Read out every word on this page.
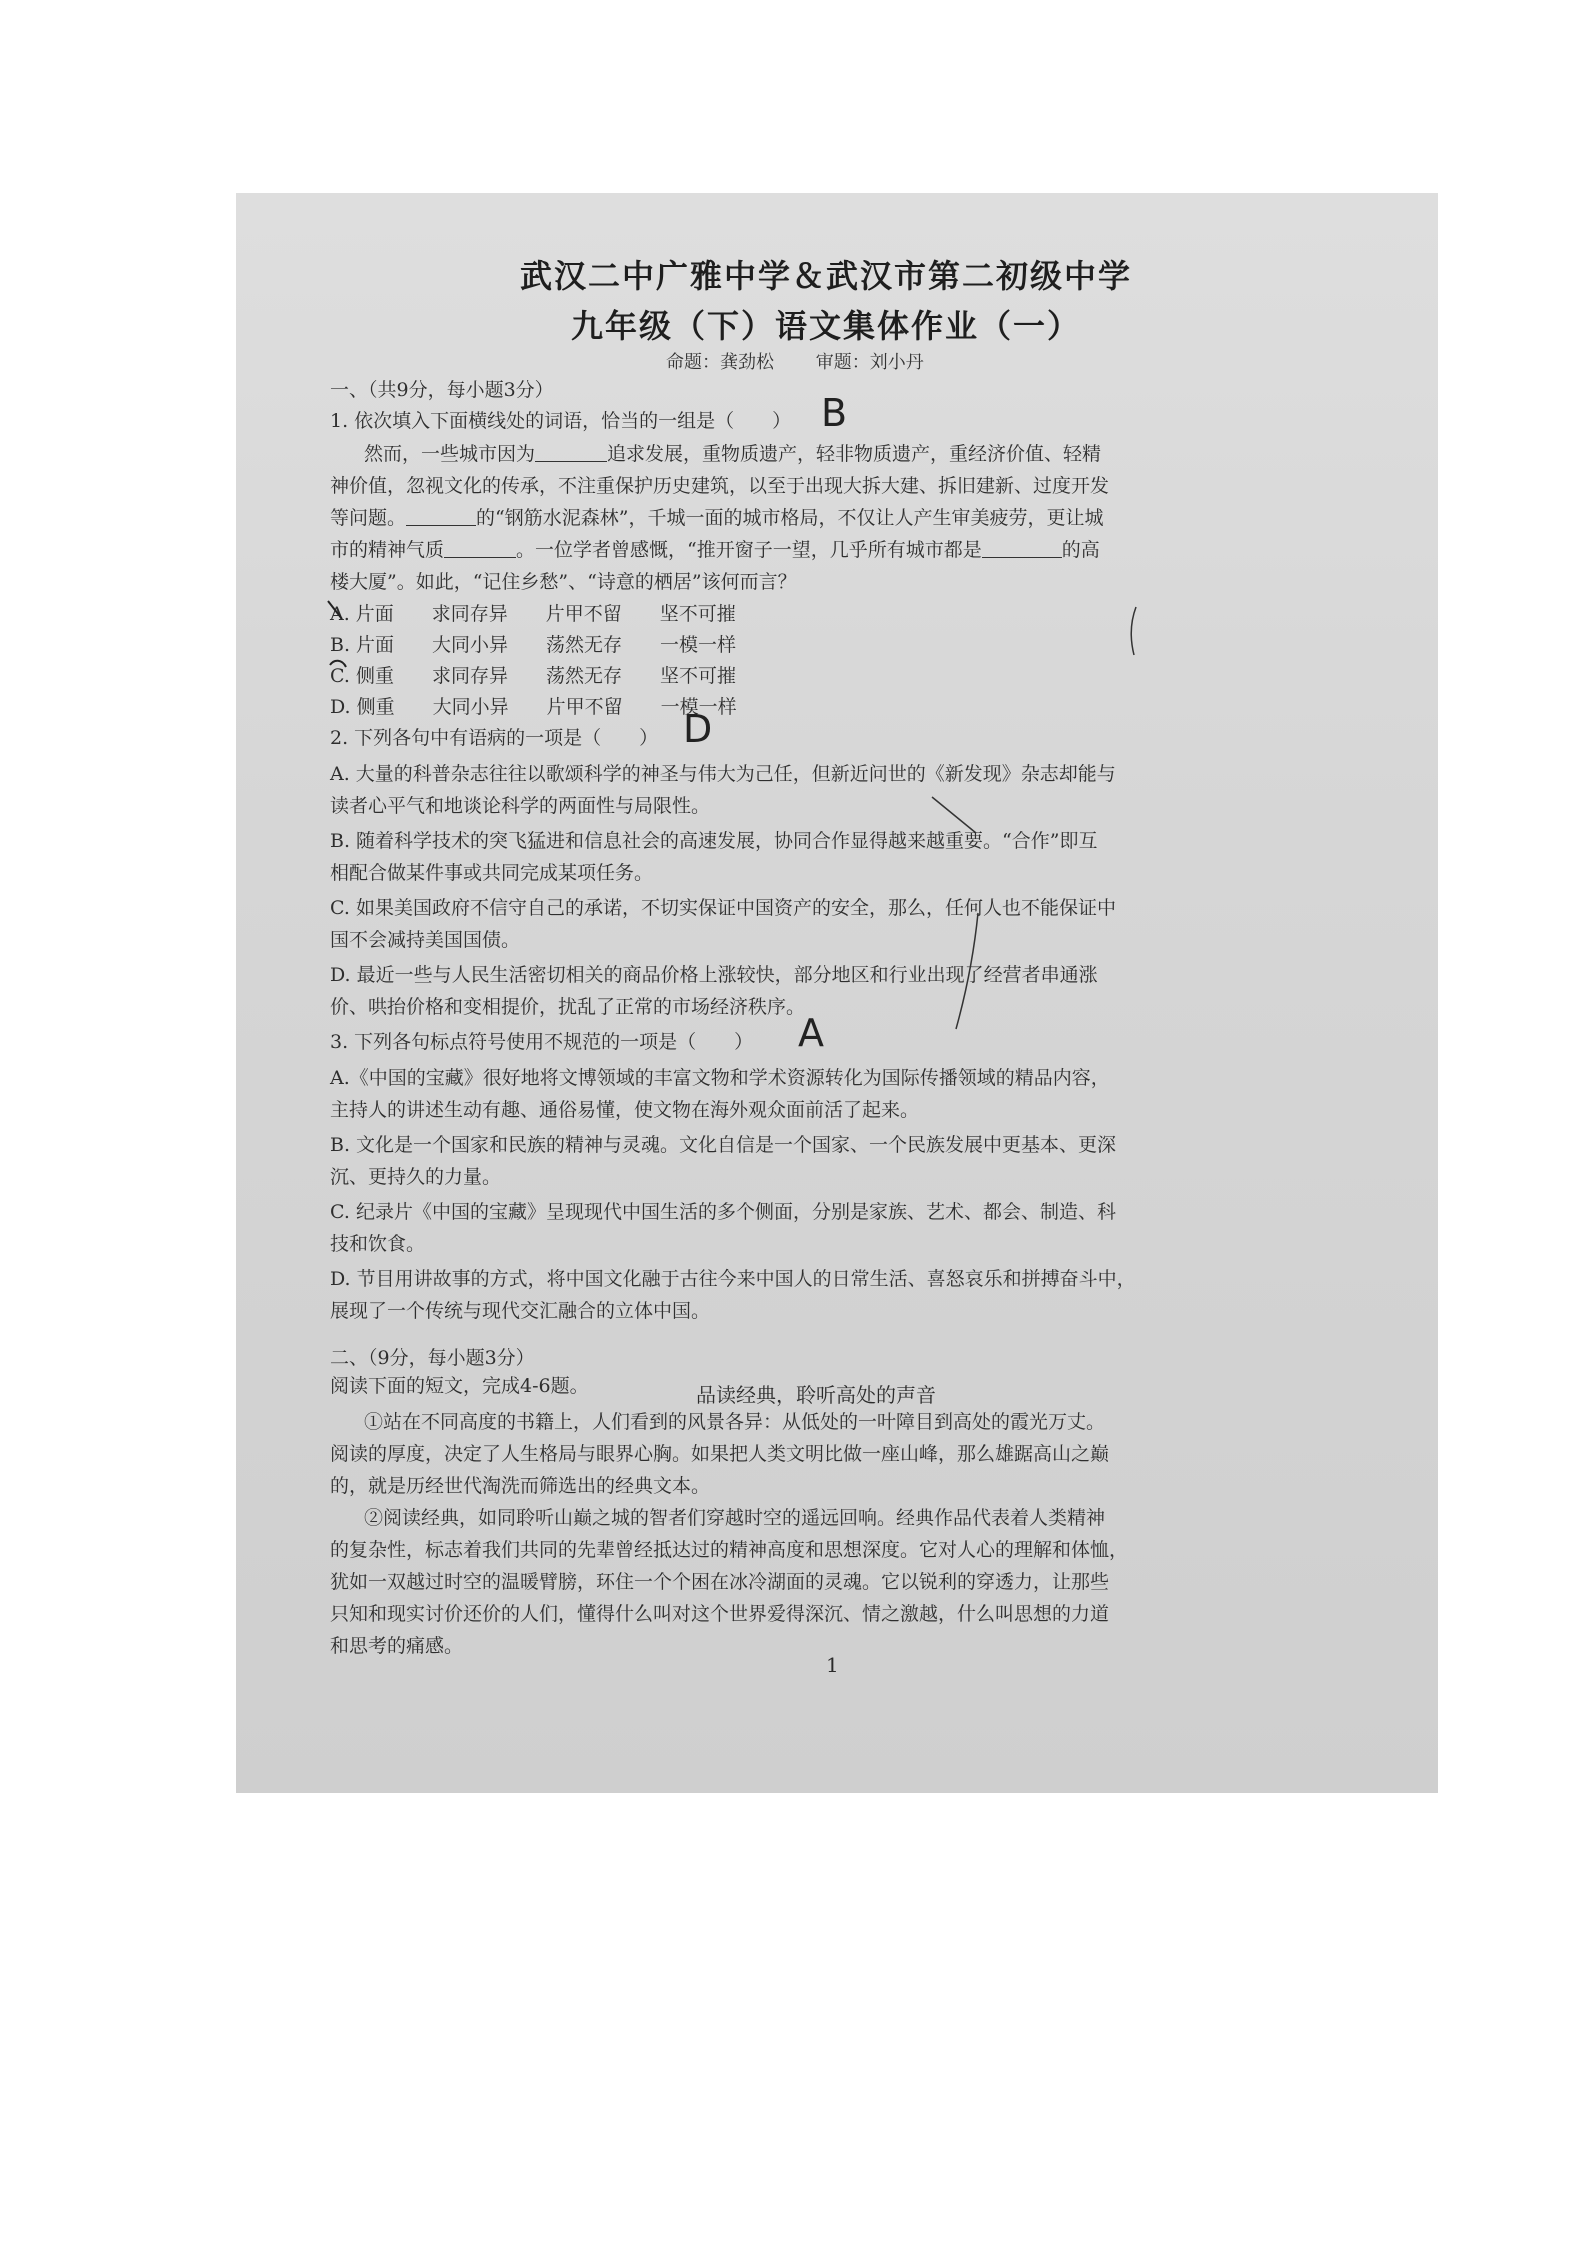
武汉二中广雅中学＆武汉市第二初级中学
九年级（下）语文集体作业（一）
命题：龚劲松 审题：刘小丹
一、（共9分，每小题3分）
1. 依次填入下面横线处的词语，恰当的一组是（ ） B
然而，一些城市因为	追求发展，重物质遗产，轻非物质遗产，重经济价值、轻精
神价值，忽视文化的传承，不注重保护历史建筑，以至于出现大拆大建、拆旧建新、过度开发
等问题。	的“钢筋水泥森林”，千城一面的城市格局，不仅让人产生审美疲劳，更让城
市的精神气质	。一位学者曾感慨，“推开窗子一望，几乎所有城市都是	的高
楼大厦”。如此，“记住乡愁”、“诗意的栖居”该何而言？
A. 片面　　求同存异　　片甲不留　　坚不可摧
B. 片面　　大同小异　　荡然无存　　一模一样
C. 侧重　　求同存异　　荡然无存　　坚不可摧
D. 侧重　　大同小异　　片甲不留　　一模一样
2. 下列各句中有语病的一项是（ ） D
A. 大量的科普杂志往往以歌颂科学的神圣与伟大为己任，但新近问世的《新发现》杂志却能与
读者心平气和地谈论科学的两面性与局限性。
B. 随着科学技术的突飞猛进和信息社会的高速发展，协同合作显得越来越重要。“合作”即互
相配合做某件事或共同完成某项任务。
C. 如果美国政府不信守自己的承诺，不切实保证中国资产的安全，那么，任何人也不能保证中
国不会减持美国国债。
D. 最近一些与人民生活密切相关的商品价格上涨较快，部分地区和行业出现了经营者串通涨
价、哄抬价格和变相提价，扰乱了正常的市场经济秩序。
3. 下列各句标点符号使用不规范的一项是（ ） A
A.《中国的宝藏》很好地将文博领域的丰富文物和学术资源转化为国际传播领域的精品内容，
主持人的讲述生动有趣、通俗易懂，使文物在海外观众面前活了起来。
B. 文化是一个国家和民族的精神与灵魂。文化自信是一个国家、一个民族发展中更基本、更深
沉、更持久的力量。
C. 纪录片《中国的宝藏》呈现现代中国生活的多个侧面，分别是家族、艺术、都会、制造、科
技和饮食。
D. 节目用讲故事的方式，将中国文化融于古往今来中国人的日常生活、喜怒哀乐和拼搏奋斗中，
展现了一个传统与现代交汇融合的立体中国。
二、（9分，每小题3分）
阅读下面的短文，完成4-6题。	品读经典，聆听高处的声音
①站在不同高度的书籍上，人们看到的风景各异：从低处的一叶障目到高处的霞光万丈。
阅读的厚度，决定了人生格局与眼界心胸。如果把人类文明比做一座山峰，那么雄踞高山之巅
的，就是历经世代淘洗而筛选出的经典文本。
②阅读经典，如同聆听山巅之城的智者们穿越时空的遥远回响。经典作品代表着人类精神
的复杂性，标志着我们共同的先辈曾经抵达过的精神高度和思想深度。它对人心的理解和体恤，
犹如一双越过时空的温暖臂膀，环住一个个困在冰冷湖面的灵魂。它以锐利的穿透力，让那些
只知和现实讨价还价的人们，懂得什么叫对这个世界爱得深沉、情之激越，什么叫思想的力道
和思考的痛感。
1
